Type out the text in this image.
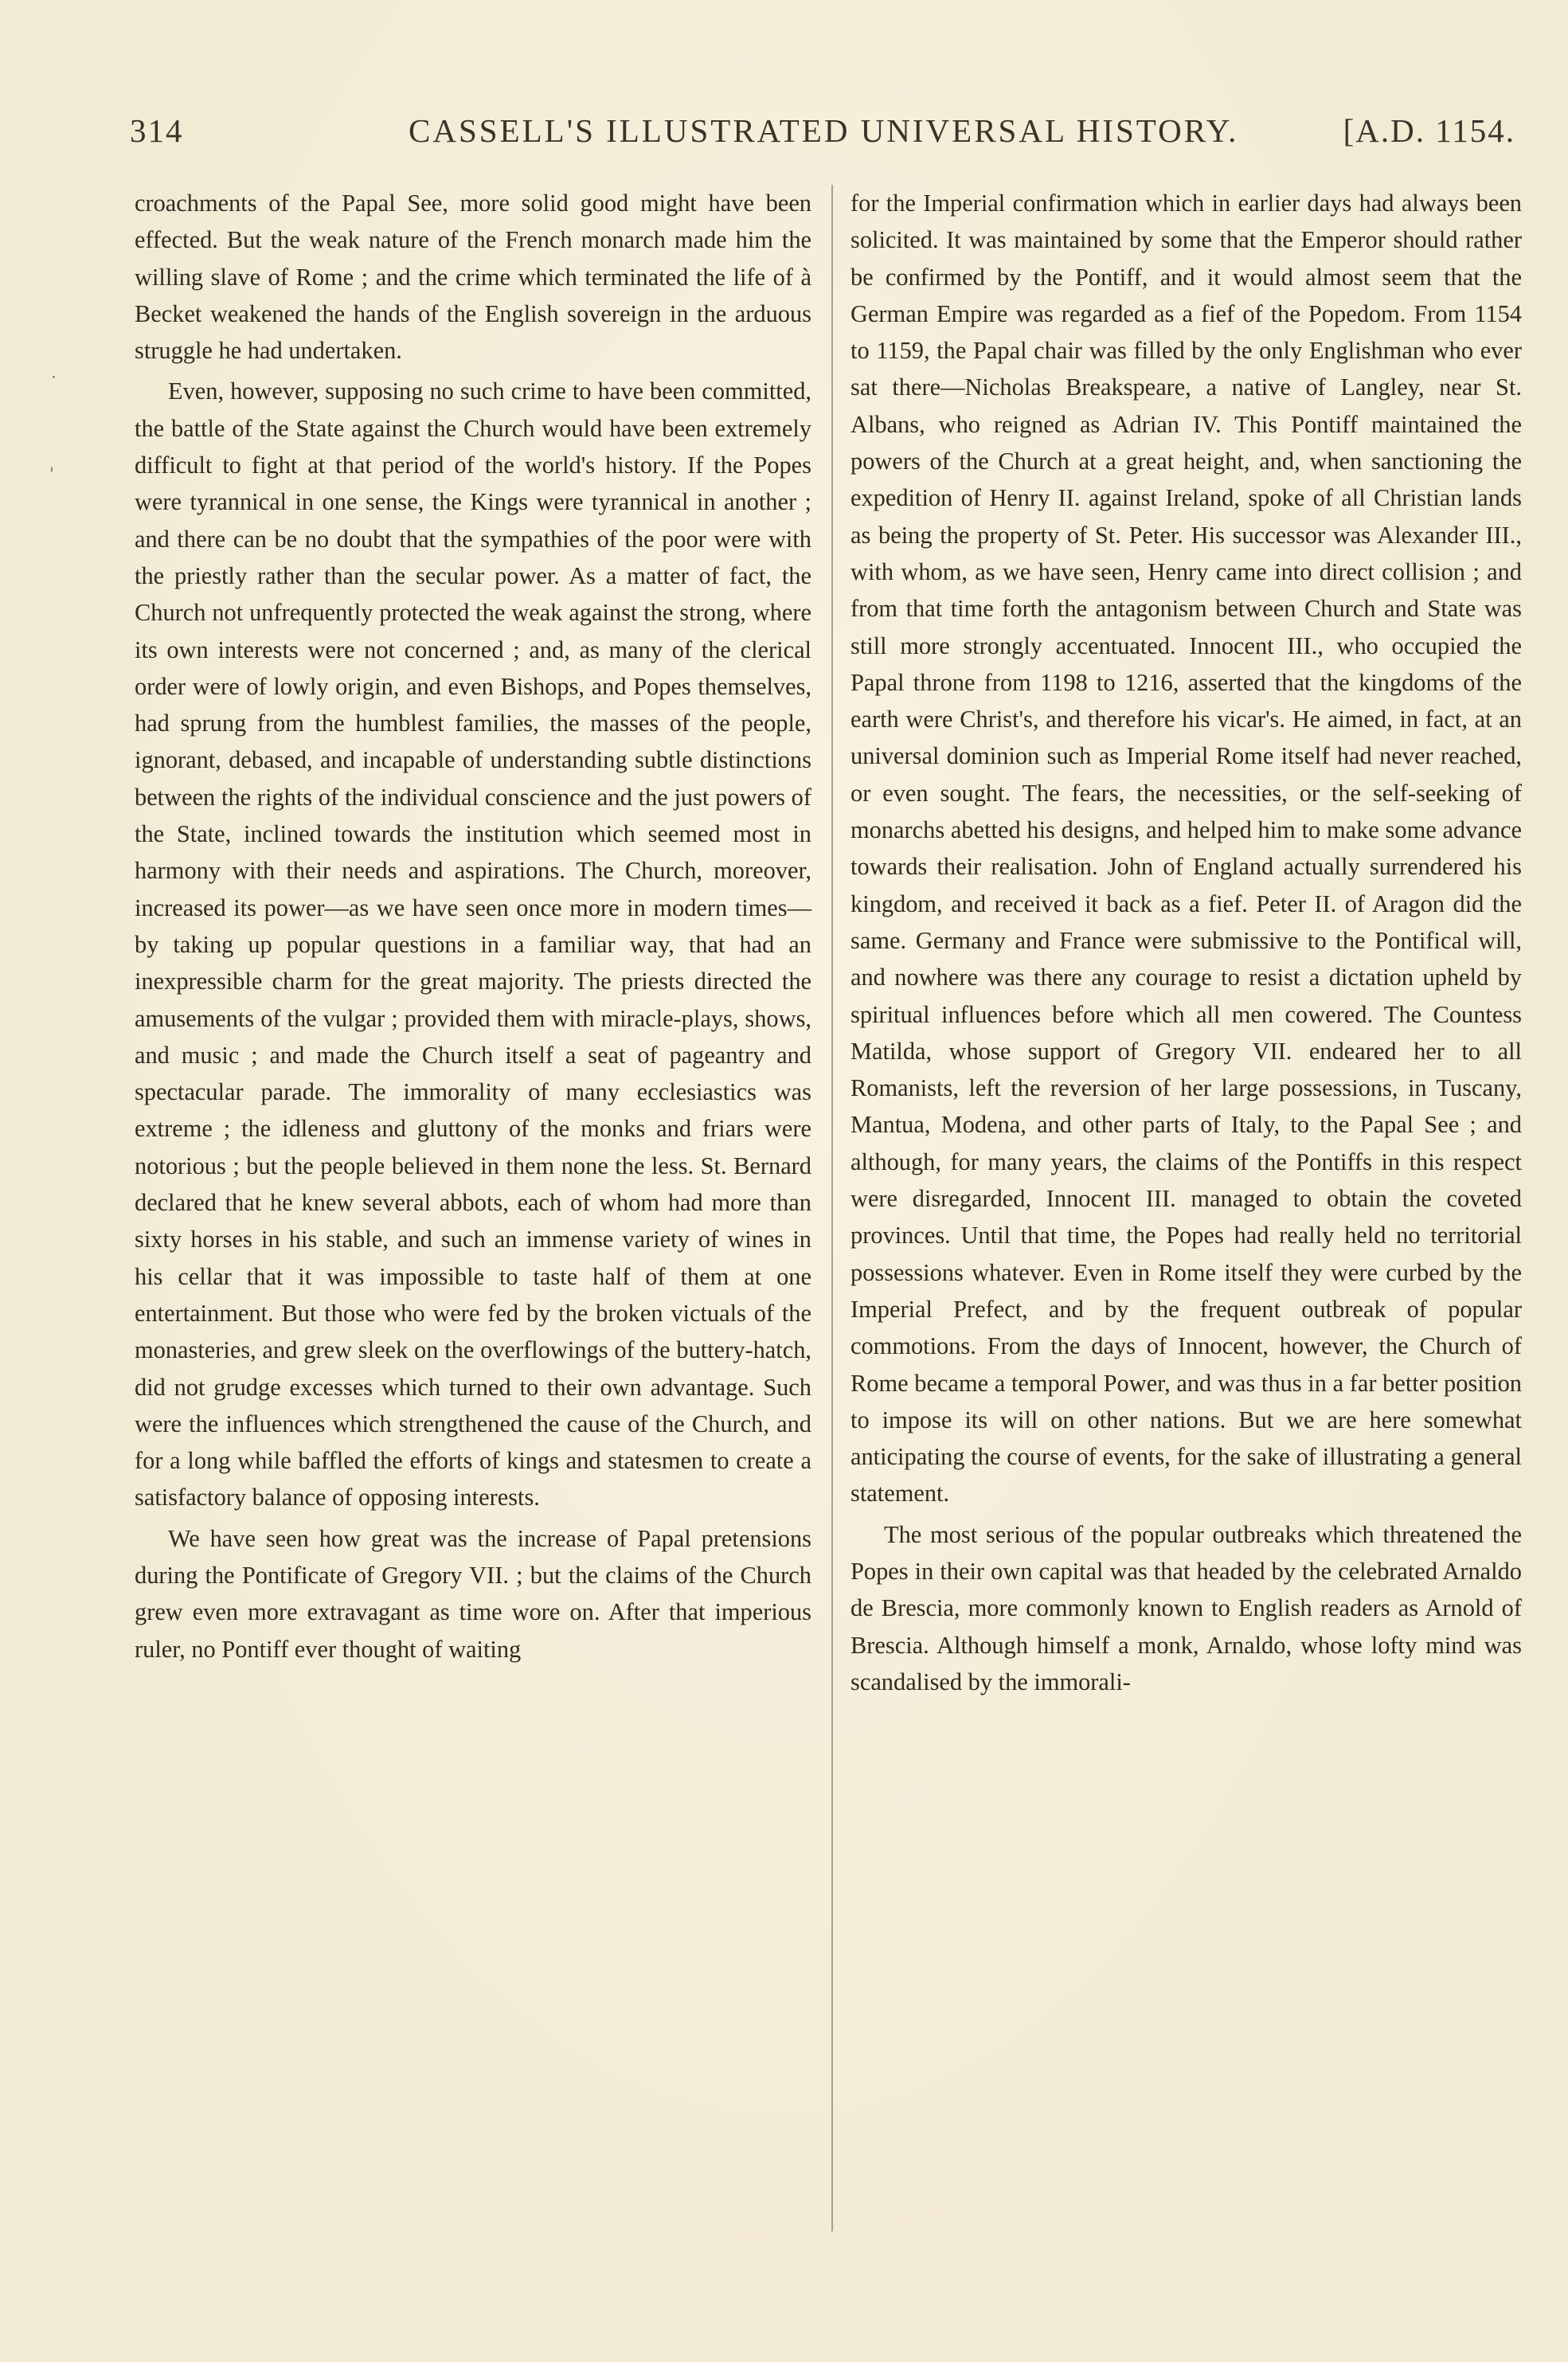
314	CASSELL'S ILLUSTRATED UNIVERSAL HISTORY.	[A.D. 1154.

croachments of the Papal See, more solid good might have been effected. But the weak nature of the French monarch made him the willing slave of Rome ; and the crime which terminated the life of à Becket weakened the hands of the English sovereign in the arduous struggle he had undertaken.

Even, however, supposing no such crime to have been committed, the battle of the State against the Church would have been extremely difficult to fight at that period of the world's history. If the Popes were tyrannical in one sense, the Kings were tyrannical in another ; and there can be no doubt that the sympathies of the poor were with the priestly rather than the secular power. As a matter of fact, the Church not unfrequently protected the weak against the strong, where its own interests were not concerned ; and, as many of the clerical order were of lowly origin, and even Bishops, and Popes themselves, had sprung from the humblest families, the masses of the people, ignorant, debased, and incapable of understanding subtle distinctions between the rights of the individual conscience and the just powers of the State, inclined towards the institution which seemed most in harmony with their needs and aspirations. The Church, moreover, increased its power—as we have seen once more in modern times—by taking up popular questions in a familiar way, that had an inexpressible charm for the great majority. The priests directed the amusements of the vulgar ; provided them with miracle-plays, shows, and music ; and made the Church itself a seat of pageantry and spectacular parade. The immorality of many ecclesiastics was extreme ; the idleness and gluttony of the monks and friars were notorious ; but the people believed in them none the less. St. Bernard declared that he knew several abbots, each of whom had more than sixty horses in his stable, and such an immense variety of wines in his cellar that it was impossible to taste half of them at one entertainment. But those who were fed by the broken victuals of the monasteries, and grew sleek on the overflowings of the buttery-hatch, did not grudge excesses which turned to their own advantage. Such were the influences which strengthened the cause of the Church, and for a long while baffled the efforts of kings and statesmen to create a satisfactory balance of opposing interests.

We have seen how great was the increase of Papal pretensions during the Pontificate of Gregory VII. ; but the claims of the Church grew even more extravagant as time wore on. After that imperious ruler, no Pontiff ever thought of waiting

for the Imperial confirmation which in earlier days had always been solicited. It was maintained by some that the Emperor should rather be confirmed by the Pontiff, and it would almost seem that the German Empire was regarded as a fief of the Popedom. From 1154 to 1159, the Papal chair was filled by the only Englishman who ever sat there—Nicholas Breakspeare, a native of Langley, near St. Albans, who reigned as Adrian IV. This Pontiff maintained the powers of the Church at a great height, and, when sanctioning the expedition of Henry II. against Ireland, spoke of all Christian lands as being the property of St. Peter. His successor was Alexander III., with whom, as we have seen, Henry came into direct collision ; and from that time forth the antagonism between Church and State was still more strongly accentuated. Innocent III., who occupied the Papal throne from 1198 to 1216, asserted that the kingdoms of the earth were Christ's, and therefore his vicar's. He aimed, in fact, at an universal dominion such as Imperial Rome itself had never reached, or even sought. The fears, the necessities, or the self-seeking of monarchs abetted his designs, and helped him to make some advance towards their realisation. John of England actually surrendered his kingdom, and received it back as a fief. Peter II. of Aragon did the same. Germany and France were submissive to the Pontifical will, and nowhere was there any courage to resist a dictation upheld by spiritual influences before which all men cowered. The Countess Matilda, whose support of Gregory VII. endeared her to all Romanists, left the reversion of her large possessions, in Tuscany, Mantua, Modena, and other parts of Italy, to the Papal See ; and although, for many years, the claims of the Pontiffs in this respect were disregarded, Innocent III. managed to obtain the coveted provinces. Until that time, the Popes had really held no territorial possessions whatever. Even in Rome itself they were curbed by the Imperial Prefect, and by the frequent outbreak of popular commotions. From the days of Innocent, however, the Church of Rome became a temporal Power, and was thus in a far better position to impose its will on other nations. But we are here somewhat anticipating the course of events, for the sake of illustrating a general statement.

The most serious of the popular outbreaks which threatened the Popes in their own capital was that headed by the celebrated Arnaldo de Brescia, more commonly known to English readers as Arnold of Brescia. Although himself a monk, Arnaldo, whose lofty mind was scandalised by the immorali-

˙
ˌ
